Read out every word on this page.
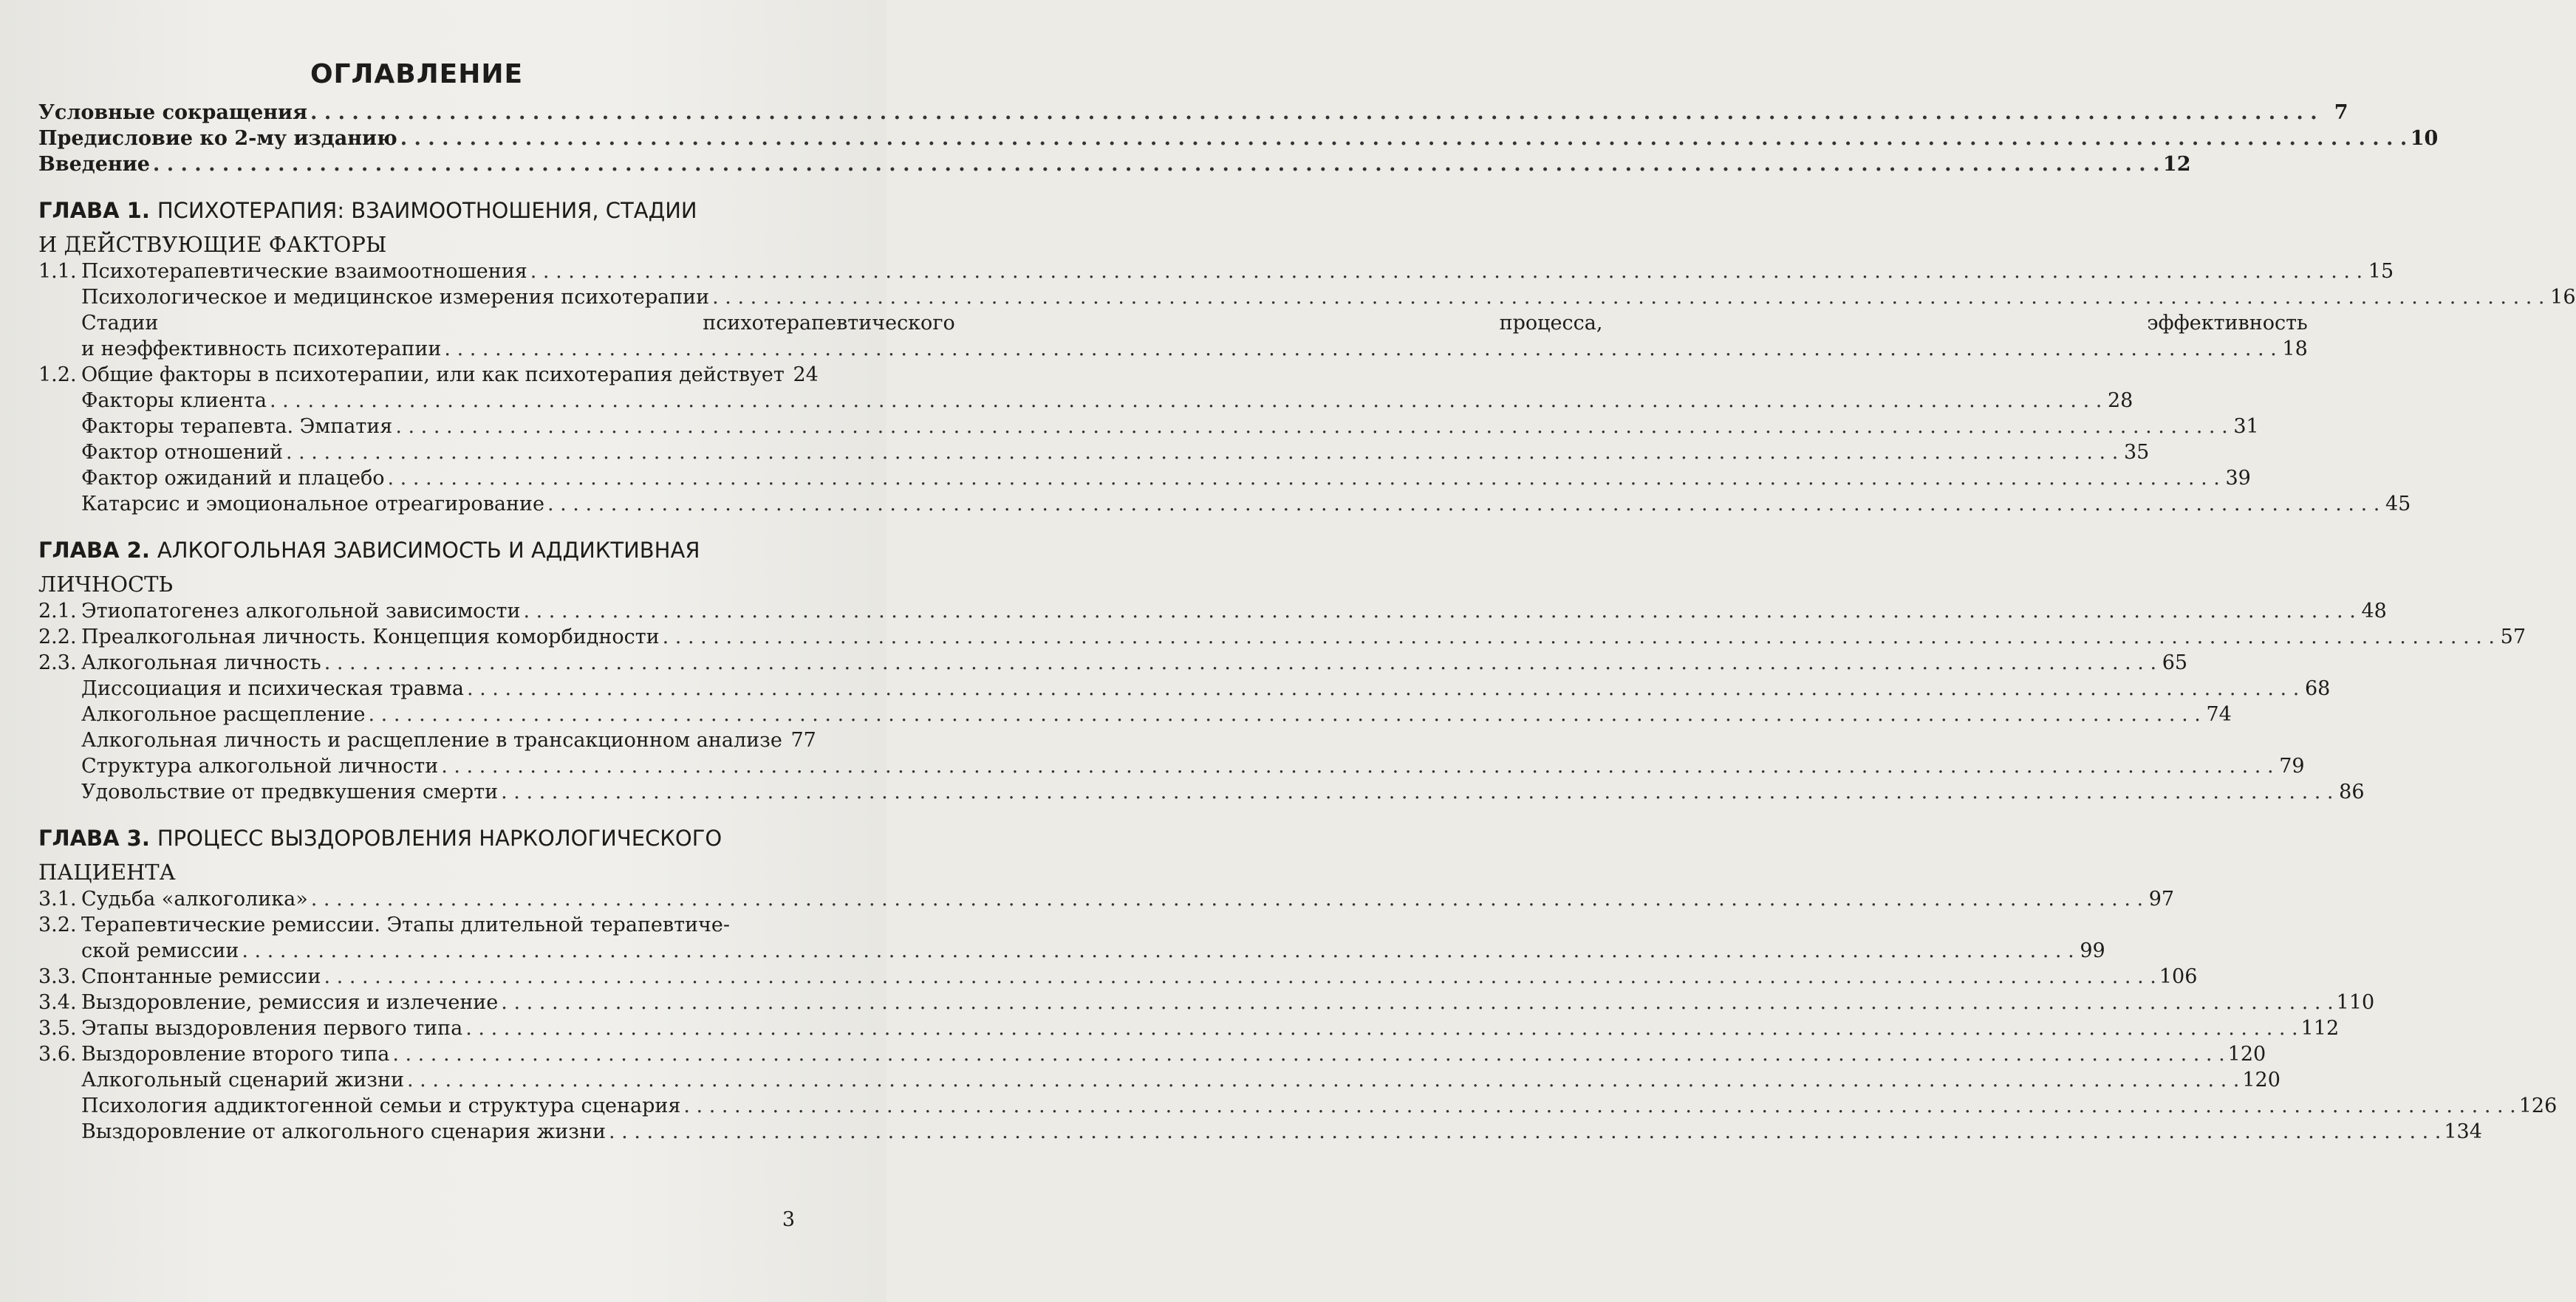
ОГЛАВЛЕНИЕ
Условные сокращения . . .	7
Предисловие ко 2-му изданию . . .	10
Введение . . .	12
ГЛАВА 1. ПСИХОТЕРАПИЯ: ВЗАИМООТНОШЕНИЯ, СТАДИИ
И ДЕЙСТВУЮЩИЕ ФАКТОРЫ
1.1. Психотерапевтические взаимоотношения . . .	15
Психологическое и медицинское измерения психотерапии . . .	16
Стадии	психотерапевтического	процесса,	эффективность
и неэффективность психотерапии . . .	18
1.2. Общие факторы в психотерапии, или как психотерапия действует 24
Факторы клиента . . .	28
Факторы терапевта. Эмпатия . . .	31
Фактор отношений . . .	35
Фактор ожиданий и плацебо . . .	39
Катарсис и эмоциональное отреагирование . . .	45
ГЛАВА 2. АЛКОГОЛЬНАЯ ЗАВИСИМОСТЬ И АДДИКТИВНАЯ
ЛИЧНОСТЬ
2.1. Этиопатогенез алкогольной зависимости . . .	48
2.2. Преалкогольная личность. Концепция коморбидности . . .	57
2.3. Алкогольная личность . . .	65
Диссоциация и психическая травма . . .	68
Алкогольное расщепление . . .	74
Алкогольная личность и расщепление в трансакционном анализе 77
Структура алкогольной личности . . .	79
Удовольствие от предвкушения смерти . . .	86
ГЛАВА 3. ПРОЦЕСС ВЫЗДОРОВЛЕНИЯ НАРКОЛОГИЧЕСКОГО
ПАЦИЕНТА
3.1. Судьба «алкоголика» . . .	97
3.2. Терапевтические ремиссии. Этапы длительной терапевтиче-
ской ремиссии . . .	99
3.3. Спонтанные ремиссии . . .	106
3.4. Выздоровление, ремиссия и излечение . . .	110
3.5. Этапы выздоровления первого типа . . .	112
3.6. Выздоровление второго типа . . .	120
Алкогольный сценарий жизни . . .	120
Психология аддиктогенной семьи и структура сценария . . .	126
Выздоровление от алкогольного сценария жизни . . .	134
3
